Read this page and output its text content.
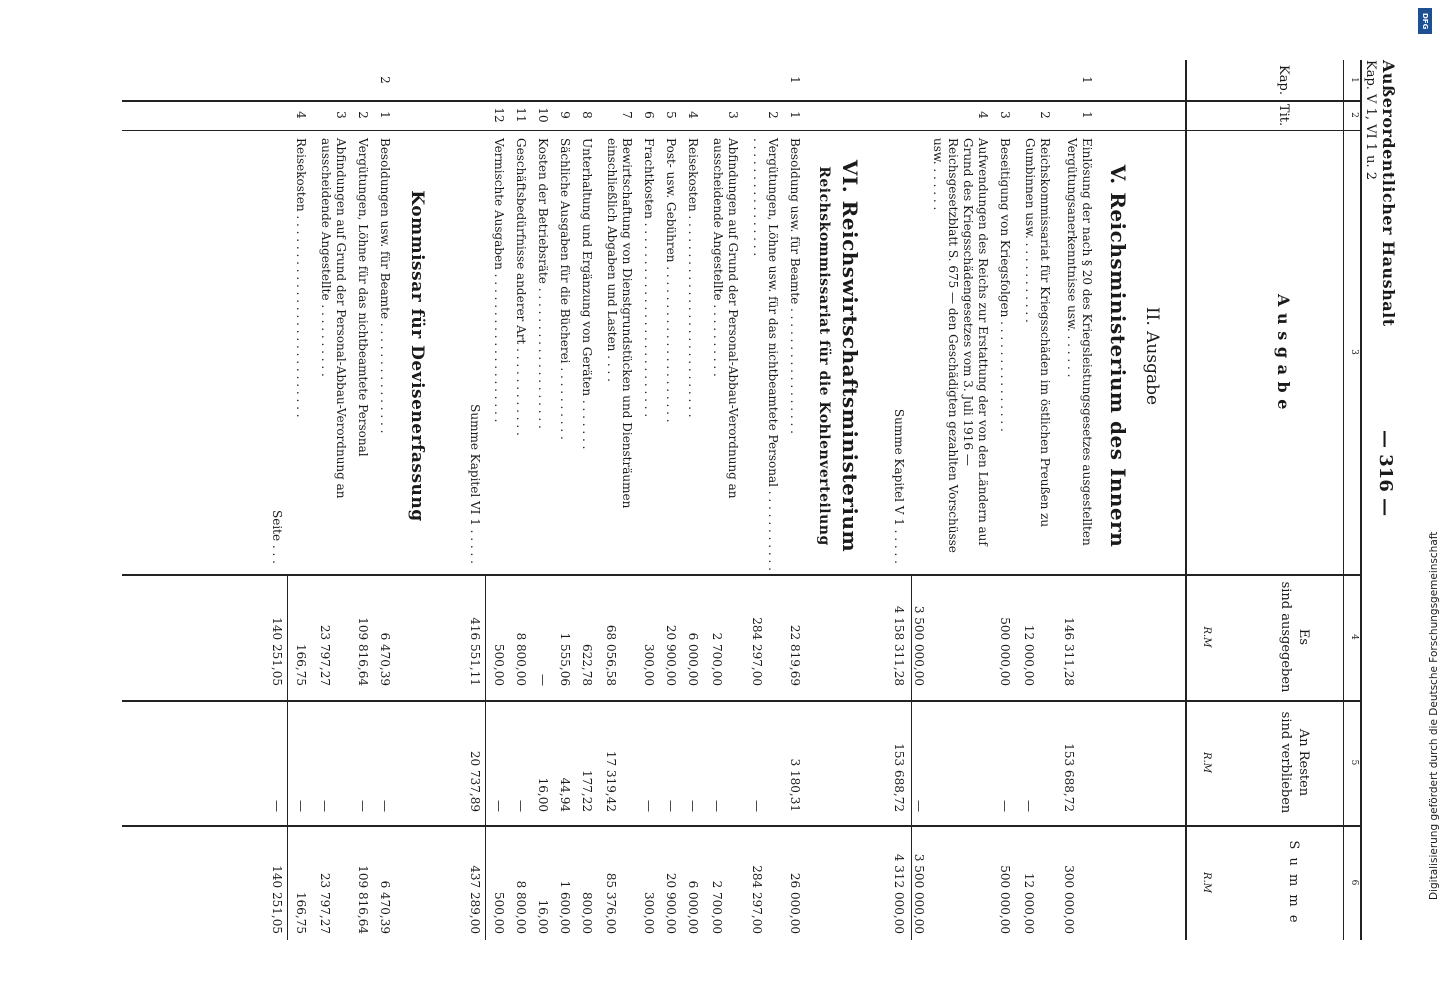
Außerordentlicher Haushalt
Kap. V 1, VI 1 u. 2
— 316 —
1
2
3
4
5
6
Kap.
Tit.
A u s g a b e
Es
sind ausgegeben
An Resten
sind verblieben
S u m m e
R.M
R.M
R.M
II. Ausgabe
V. Reichsministerium des Innern
1
1
Einlösung der nach § 20 des Kriegsleistungsgesetzes ausgestellten Vergütungsanerkenntnisse usw. . . . . . .
146 311,28
153 688,72
300 000,00
2
Reichskommissariat für Kriegsschäden im östlichen Preußen zu Gumbinnen usw. . . . . . . . . . . .
12 000,00
—
12 000,00
3
Beseitigung von Kriegsfolgen . . . . . . . . . . . . . . .
500 000,00
—
500 000,00
4
Aufwendungen des Reichs zur Erstattung der von den Ländern auf Grund des Kriegsschädengesetzes vom 3. Juli 1916 — Reichsgesetzblatt S. 675 — den Geschädigten gezahlten Vorschüsse usw. . . . . . .
3 500 000,00
—
3 500 000,00
Summe Kapitel V 1 . . . . .
4 158 311,28
153 688,72
4 312 000,00
VI. Reichswirtschaftsministerium
Reichskommissariat für die Kohlenverteilung
1
1
Besoldung usw. für Beamte . . . . . . . . . . . . . . . . .
22 819,69
3 180,31
26 000,00
2
Vergütungen, Löhne usw. für das nichtbeamtete Personal . . . . . . . . . . . . . . . . . . . . . . . . . . .
284 297,00
—
284 297,00
3
Abfindungen auf Grund der Personal-Abbau-Verordnung an ausscheidende Angestellte . . . . . . . . . .
2 700,00
—
2 700,00
4
Reisekosten . . . . . . . . . . . . . . . . . . . . . . . . . . .
6 000,00
—
6 000,00
5
Post- usw. Gebühren . . . . . . . . . . . . . . . . . . . . .
20 900,00
—
20 900,00
6
Frachtkosten . . . . . . . . . . . . . . . . . . . . . . . . . .
300,00
—
300,00
7
Bewirtschaftung von Dienstgrundstücken und Diensträumen einschließlich Abgaben und Lasten . . . .
68 056,58
17 319,42
85 376,00
8
Unterhaltung und Ergänzung von Geräten . . . . . . .
622,78
177,22
800,00
9
Sächliche Ausgaben für die Bücherei . . . . . . . . . .
1 555,06
44,94
1 600,00
10
Kosten der Betriebsräte . . . . . . . . . . . . . . . . . . .
—
16,00
16,00
11
Geschäftsbedürfnisse anderer Art . . . . . . . . . . . .
8 800,00
—
8 800,00
12
Vermischte Ausgaben . . . . . . . . . . . . . . . . . . . .
500,00
—
500,00
Summe Kapitel VI 1 . . . . .
416 551,11
20 737,89
437 289,00
Kommissar für Devisenerfassung
2
1
Besoldungen usw. für Beamte . . . . . . . . . . . . . . .
6 470,39
—
6 470,39
2
Vergütungen, Löhne für das nichtbeamtete Personal
109 816,64
—
109 816,64
3
Abfindungen auf Grund der Personal-Abbau-Verordnung an ausscheidende Angestellte . . . . . . . . . .
23 797,27
—
23 797,27
4
Reisekosten . . . . . . . . . . . . . . . . . . . . . . . . . . .
166,75
—
166,75
Seite . . .
140 251,05
—
140 251,05
DFG
Digitalisierung gefördert durch die Deutsche Forschungsgemeinschaft
